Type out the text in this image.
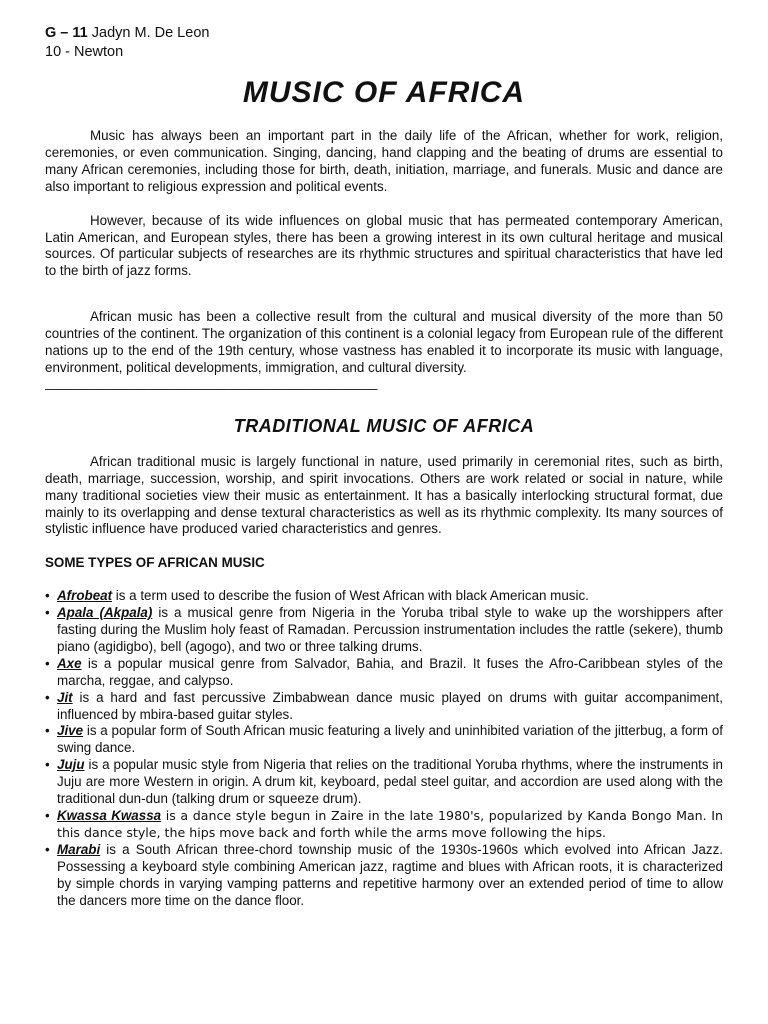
G – 11 Jadyn M. De Leon
10 - Newton
MUSIC OF AFRICA

Music has always been an important part in the daily life of the African, whether for work, religion, ceremonies, or even communication. Singing, dancing, hand clapping and the beating of drums are essential to many African ceremonies, including those for birth, death, initiation, marriage, and funerals. Music and dance are also important to religious expression and political events.

However, because of its wide influences on global music that has permeated contemporary American, Latin American, and European styles, there has been a growing interest in its own cultural heritage and musical sources. Of particular subjects of researches are its rhythmic structures and spiritual characteristics that have led to the birth of jazz forms.

African music has been a collective result from the cultural and musical diversity of the more than 50 countries of the continent. The organization of this continent is a colonial legacy from European rule of the different nations up to the end of the 19th century, whose vastness has enabled it to incorporate its music with language, environment, political developments, immigration, and cultural diversity.

——————————————————————————————————————————————————
TRADITIONAL MUSIC OF AFRICA

African traditional music is largely functional in nature, used primarily in ceremonial rites, such as birth, death, marriage, succession, worship, and spirit invocations. Others are work related or social in nature, while many traditional societies view their music as entertainment. It has a basically interlocking structural format, due mainly to its overlapping and dense textural characteristics as well as its rhythmic complexity. Its many sources of stylistic influence have produced varied characteristics and genres.

SOME TYPES OF AFRICAN MUSIC
• Afrobeat is a term used to describe the fusion of West African with black American music.
• Apala (Akpala) is a musical genre from Nigeria in the Yoruba tribal style to wake up the worshippers after fasting during the Muslim holy feast of Ramadan. Percussion instrumentation includes the rattle (sekere), thumb piano (agidigbo), bell (agogo), and two or three talking drums.
• Axe is a popular musical genre from Salvador, Bahia, and Brazil. It fuses the Afro-Caribbean styles of the marcha, reggae, and calypso.
• Jit is a hard and fast percussive Zimbabwean dance music played on drums with guitar accompaniment, influenced by mbira-based guitar styles.
• Jive is a popular form of South African music featuring a lively and uninhibited variation of the jitterbug, a form of swing dance.
• Juju is a popular music style from Nigeria that relies on the traditional Yoruba rhythms, where the instruments in Juju are more Western in origin. A drum kit, keyboard, pedal steel guitar, and accordion are used along with the traditional dun-dun (talking drum or squeeze drum).
• Kwassa Kwassa is a dance style begun in Zaire in the late 1980's, popularized by Kanda Bongo Man. In this dance style, the hips move back and forth while the arms move following the hips.
• Marabi is a South African three-chord township music of the 1930s-1960s which evolved into African Jazz. Possessing a keyboard style combining American jazz, ragtime and blues with African roots, it is characterized by simple chords in varying vamping patterns and repetitive harmony over an extended period of time to allow the dancers more time on the dance floor.
